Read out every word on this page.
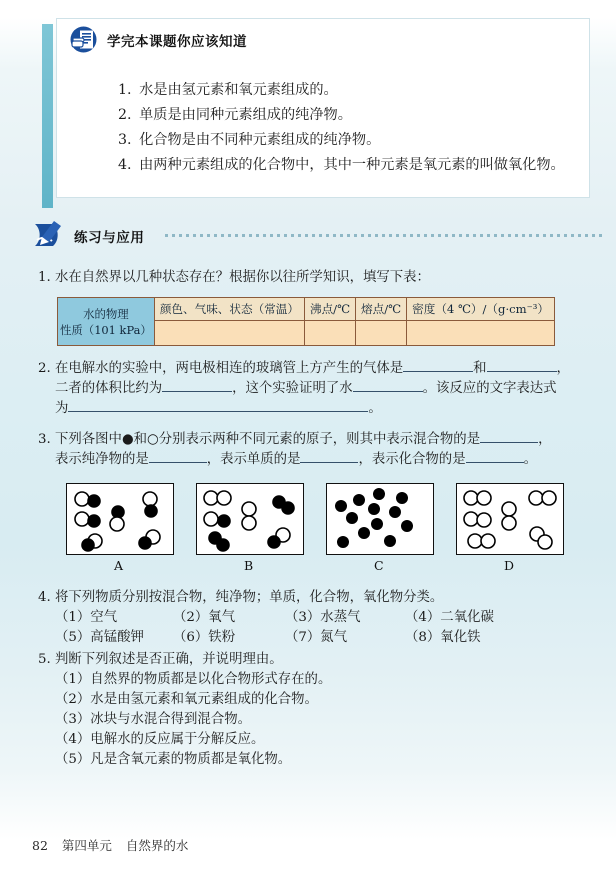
学完本课题你应该知道
1. 水是由氢元素和氧元素组成的。
2. 单质是由同种元素组成的纯净物。
3. 化合物是由不同种元素组成的纯净物。
4. 由两种元素组成的化合物中，其中一种元素是氧元素的叫做氧化物。
练习与应用
1. 水在自然界以几种状态存在？根据你以往所学知识，填写下表：
水的物理
性质（101 kPa）	颜色、气味、状态（常温）	沸点/℃	熔点/℃	密度（4 ℃）/（g·cm⁻³）

2. 在电解水的实验中，两电极相连的玻璃管上方产生的气体是	和	，
二者的体积比约为	，这个实验证明了水	。该反应的文字表达式
为	。
3. 下列各图中●和○分别表示两种不同元素的原子，则其中表示混合物的是	，
表示纯净物的是	，表示单质的是	，表示化合物的是	。
A	B	C	D
4. 将下列物质分别按混合物，纯净物；单质，化合物，氧化物分类。
（1）空气	（2）氧气	（3）水蒸气	（4）二氧化碳
（5）高锰酸钾 （6）铁粉	（7）氮气	（8）氧化铁
5. 判断下列叙述是否正确，并说明理由。
（1）自然界的物质都是以化合物形式存在的。
（2）水是由氢元素和氧元素组成的化合物。
（3）冰块与水混合得到混合物。
（4）电解水的反应属于分解反应。
（5）凡是含氧元素的物质都是氧化物。
82 第四单元 自然界的水
